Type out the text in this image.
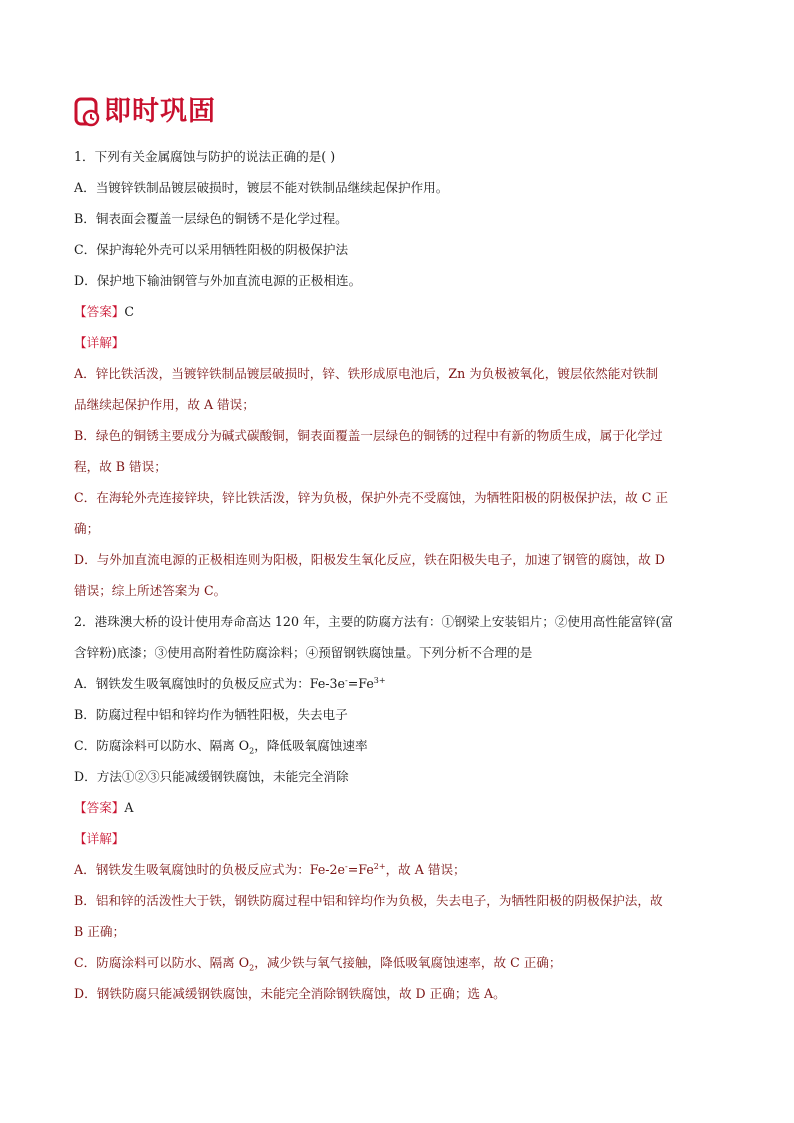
即时巩固
1．下列有关金属腐蚀与防护的说法正确的是( )
A．当镀锌铁制品镀层破损时，镀层不能对铁制品继续起保护作用。
B．铜表面会覆盖一层绿色的铜锈不是化学过程。
C．保护海轮外壳可以采用牺牲阳极的阴极保护法
D．保护地下输油钢管与外加直流电源的正极相连。
【答案】C
【详解】
A．锌比铁活泼，当镀锌铁制品镀层破损时，锌、铁形成原电池后，Zn 为负极被氧化，镀层依然能对铁制
品继续起保护作用，故 A 错误；
B．绿色的铜锈主要成分为碱式碳酸铜，铜表面覆盖一层绿色的铜锈的过程中有新的物质生成，属于化学过
程，故 B 错误；
C．在海轮外壳连接锌块，锌比铁活泼，锌为负极，保护外壳不受腐蚀，为牺牲阳极的阴极保护法，故 C 正
确；
D．与外加直流电源的正极相连则为阳极，阳极发生氧化反应，铁在阳极失电子，加速了钢管的腐蚀，故 D
错误；综上所述答案为 C。
2．港珠澳大桥的设计使用寿命高达 120 年，主要的防腐方法有：①钢梁上安装铝片；②使用高性能富锌(富
含锌粉)底漆；③使用高附着性防腐涂料；④预留钢铁腐蚀量。下列分析不合理的是
A．钢铁发生吸氧腐蚀时的负极反应式为：$Fe-3e^-=Fe^{3+}$
B．防腐过程中铝和锌均作为牺牲阳极，失去电子
C．防腐涂料可以防水、隔离 $O_2$，降低吸氧腐蚀速率
D．方法①②③只能减缓钢铁腐蚀，未能完全消除
【答案】A
【详解】
A．钢铁发生吸氧腐蚀时的负极反应式为：$Fe-2e^-=Fe^{2+}$，故 A 错误；
B．铝和锌的活泼性大于铁，钢铁防腐过程中铝和锌均作为负极，失去电子，为牺牲阳极的阴极保护法，故
B 正确；
C．防腐涂料可以防水、隔离 $O_2$，减少铁与氧气接触，降低吸氧腐蚀速率，故 C 正确；
D．钢铁防腐只能减缓钢铁腐蚀，未能完全消除钢铁腐蚀，故 D 正确；选 A。
